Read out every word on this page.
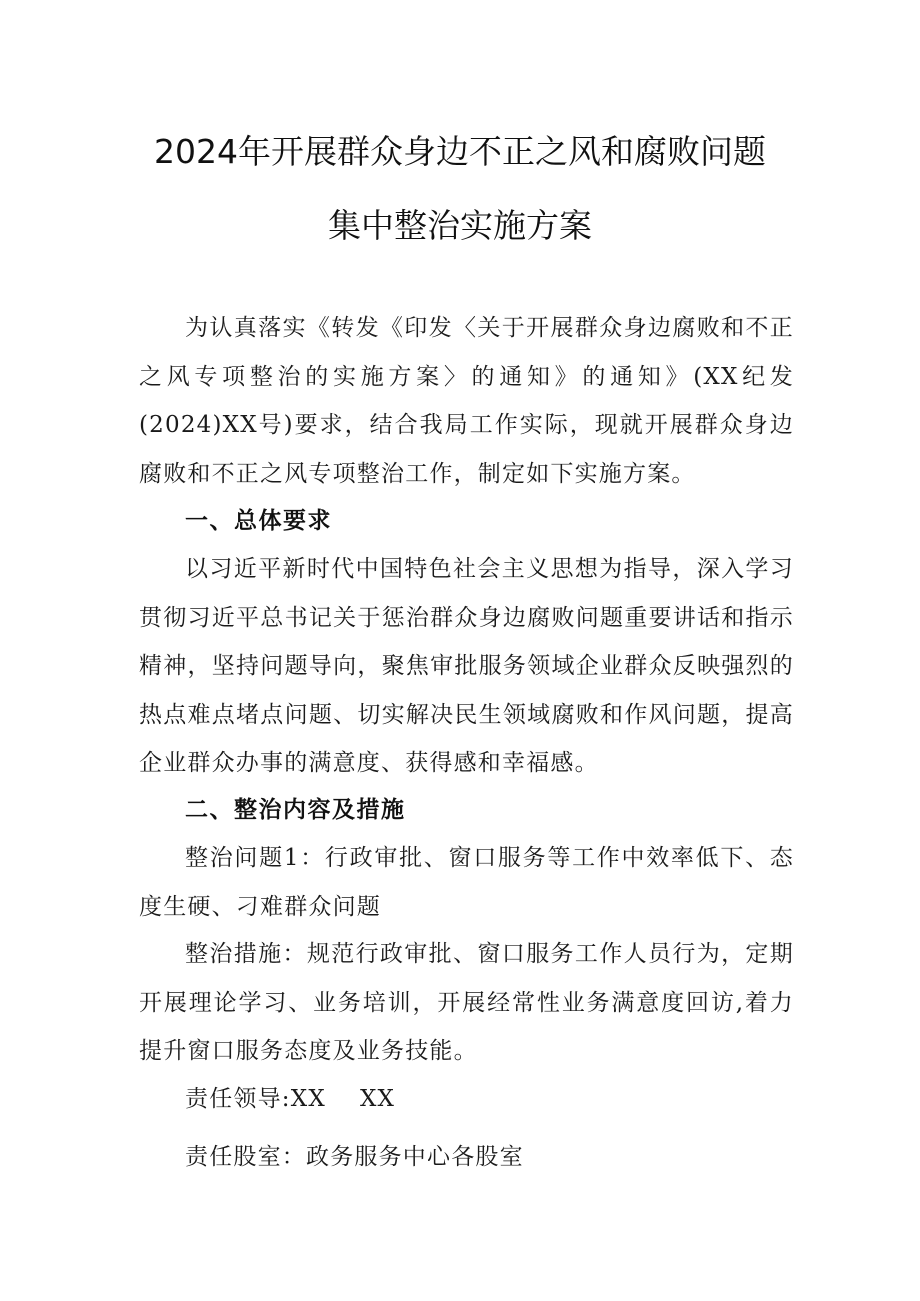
2024年开展群众身边不正之风和腐败问题
集中整治实施方案

为认真落实《转发《印发〈关于开展群众身边腐败和不正之风专项整治的实施方案〉的通知》的通知》(XX纪发(2024)XX号)要求，结合我局工作实际，现就开展群众身边腐败和不正之风专项整治工作，制定如下实施方案。

一、总体要求

以习近平新时代中国特色社会主义思想为指导，深入学习贯彻习近平总书记关于惩治群众身边腐败问题重要讲话和指示精神，坚持问题导向，聚焦审批服务领域企业群众反映强烈的热点难点堵点问题、切实解决民生领域腐败和作风问题，提高企业群众办事的满意度、获得感和幸福感。

二、整治内容及措施

整治问题1：行政审批、窗口服务等工作中效率低下、态度生硬、刁难群众问题

整治措施：规范行政审批、窗口服务工作人员行为，定期开展理论学习、业务培训，开展经常性业务满意度回访,着力提升窗口服务态度及业务技能。

责任领导:XX    XX

责任股室：政务服务中心各股室
